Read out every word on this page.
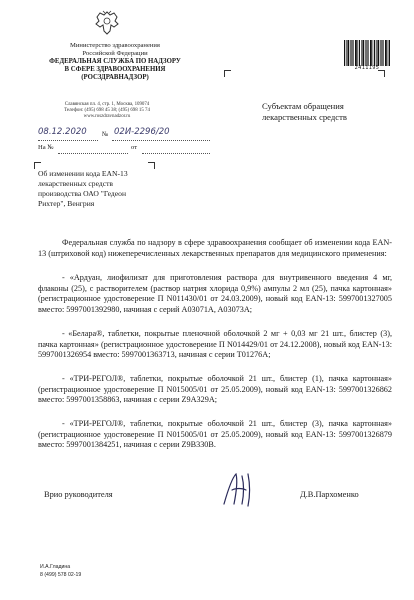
Министерство здравоохранения
Российской Федерации
ФЕДЕРАЛЬНАЯ СЛУЖБА ПО НАДЗОРУ
В СФЕРЕ ЗДРАВООХРАНЕНИЯ
(РОСЗДРАВНАДЗОР)
Славянская пл. 4, стр. 1, Москва, 109074
Телефон: (495) 698 45 38; (495) 698 15 74
www.roszdravnadzor.ru
08.12.2020 № 02И-2296/20
На №	от
2411195
Субъектам обращения
лекарственных средств
Об изменении кода EAN-13
лекарственных средств
производства ОАО "Гедеон
Рихтер", Венгрия
Федеральная служба по надзору в сфере здравоохранения сообщает об изменении кода EAN-13 (штриховой код) нижеперечисленных лекарственных препаратов для медицинского применения:
- «Ардуан, лиофилизат для приготовления раствора для внутривенного введения 4 мг, флаконы (25), с растворителем (раствор натрия хлорида 0,9%) ампулы 2 мл (25), пачка картонная» (регистрационное удостоверение П N011430/01 от 24.03.2009), новый код EAN-13: 5997001327005 вместо: 5997001392980, начиная с серий A03071A, A03073A;
- «Белара®, таблетки, покрытые пленочной оболочкой 2 мг + 0,03 мг 21 шт., блистер (3), пачка картонная» (регистрационное удостоверение П N014429/01 от 24.12.2008), новый код EAN-13: 5997001326954 вместо: 5997001363713, начиная с серии T01276A;
- «ТРИ-РЕГОЛ®, таблетки, покрытые оболочкой 21 шт., блистер (1), пачка картонная» (регистрационное удостоверение П N015005/01 от 25.05.2009), новый код EAN-13: 5997001326862 вместо: 5997001358863, начиная с серии Z9A329A;
- «ТРИ-РЕГОЛ®, таблетки, покрытые оболочкой 21 шт., блистер (3), пачка картонная» (регистрационное удостоверение П N015005/01 от 25.05.2009), новый код EAN-13: 5997001326879 вместо: 5997001384251, начиная с серии Z9B330B.
Врио руководителя	Д.В.Пархоменко
И.А.Гладина
8 (499) 578 02-19
